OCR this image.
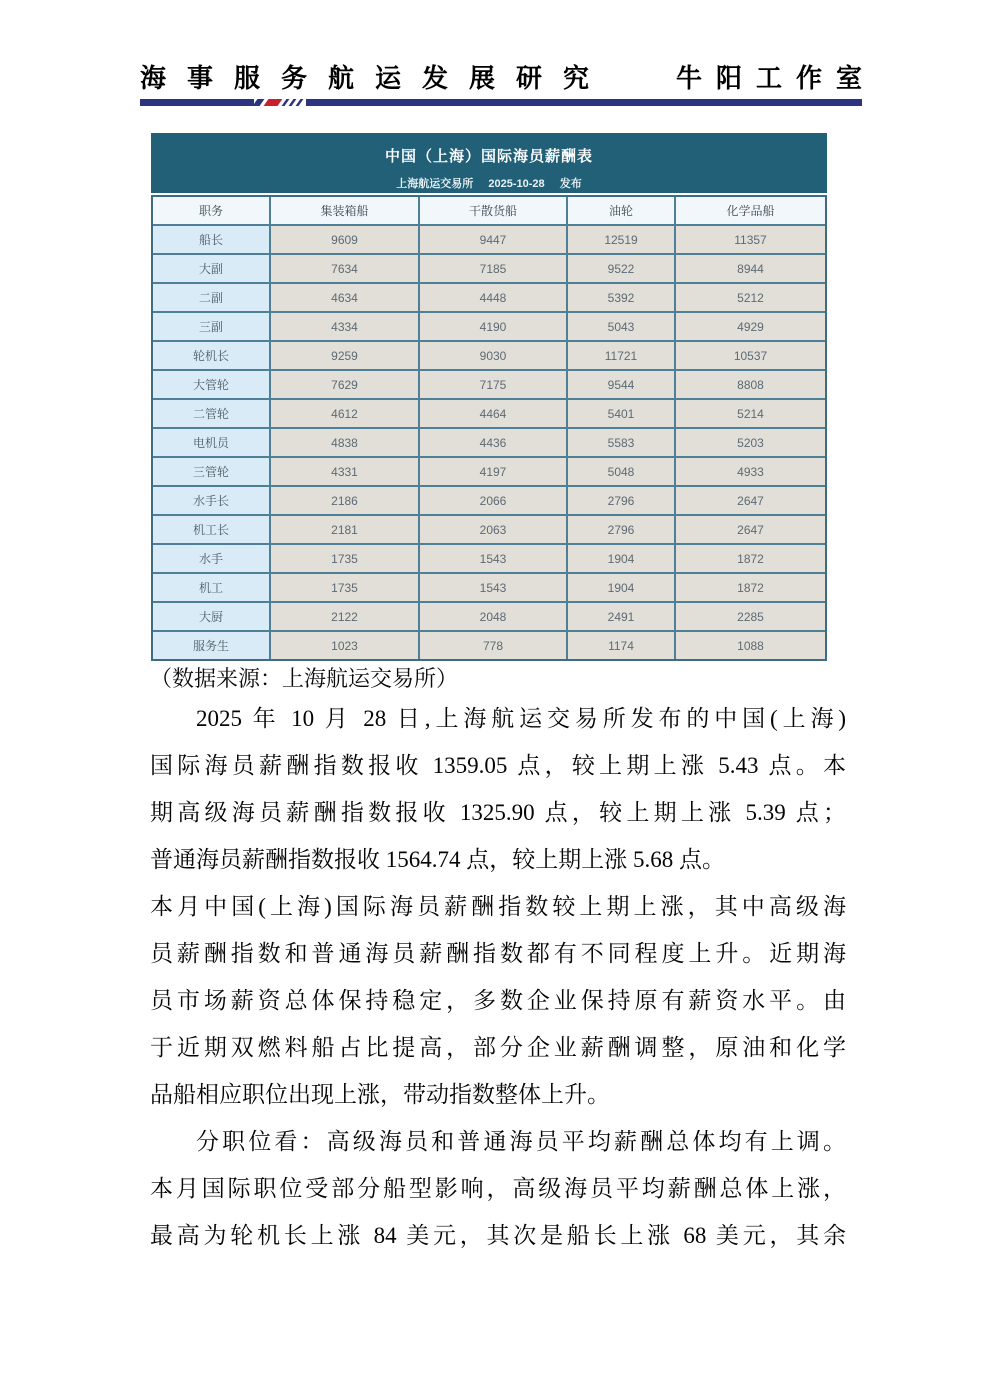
海事服务航运发展研究	牛阳工作室
中国（上海）国际海员薪酬表
上海航运交易所 2025-10-28 发布
职务	集装箱船	干散货船	油轮	化学品船
船长	9609	9447	12519	11357
大副	7634	7185	9522	8944
二副	4634	4448	5392	5212
三副	4334	4190	5043	4929
轮机长	9259	9030	11721	10537
大管轮	7629	7175	9544	8808
二管轮	4612	4464	5401	5214
电机员	4838	4436	5583	5203
三管轮	4331	4197	5048	4933
水手长	2186	2066	2796	2647
机工长	2181	2063	2796	2647
水手	1735	1543	1904	1872
机工	1735	1543	1904	1872
大厨	2122	2048	2491	2285
服务生	1023	778	1174	1088

（数据来源：上海航运交易所）

2025 年 10 月 28 日,上海航运交易所发布的中国(上海)
国际海员薪酬指数报收 1359.05 点，较上期上涨 5.43 点。本
期高级海员薪酬指数报收 1325.90 点，较上期上涨 5.39 点；
普通海员薪酬指数报收 1564.74 点，较上期上涨 5.68 点。
本月中国(上海)国际海员薪酬指数较上期上涨，其中高级海
员薪酬指数和普通海员薪酬指数都有不同程度上升。近期海
员市场薪资总体保持稳定，多数企业保持原有薪资水平。由
于近期双燃料船占比提高，部分企业薪酬调整，原油和化学
品船相应职位出现上涨，带动指数整体上升。
分职位看：高级海员和普通海员平均薪酬总体均有上调。
本月国际职位受部分船型影响，高级海员平均薪酬总体上涨，
最高为轮机长上涨 84 美元，其次是船长上涨 68 美元，其余
